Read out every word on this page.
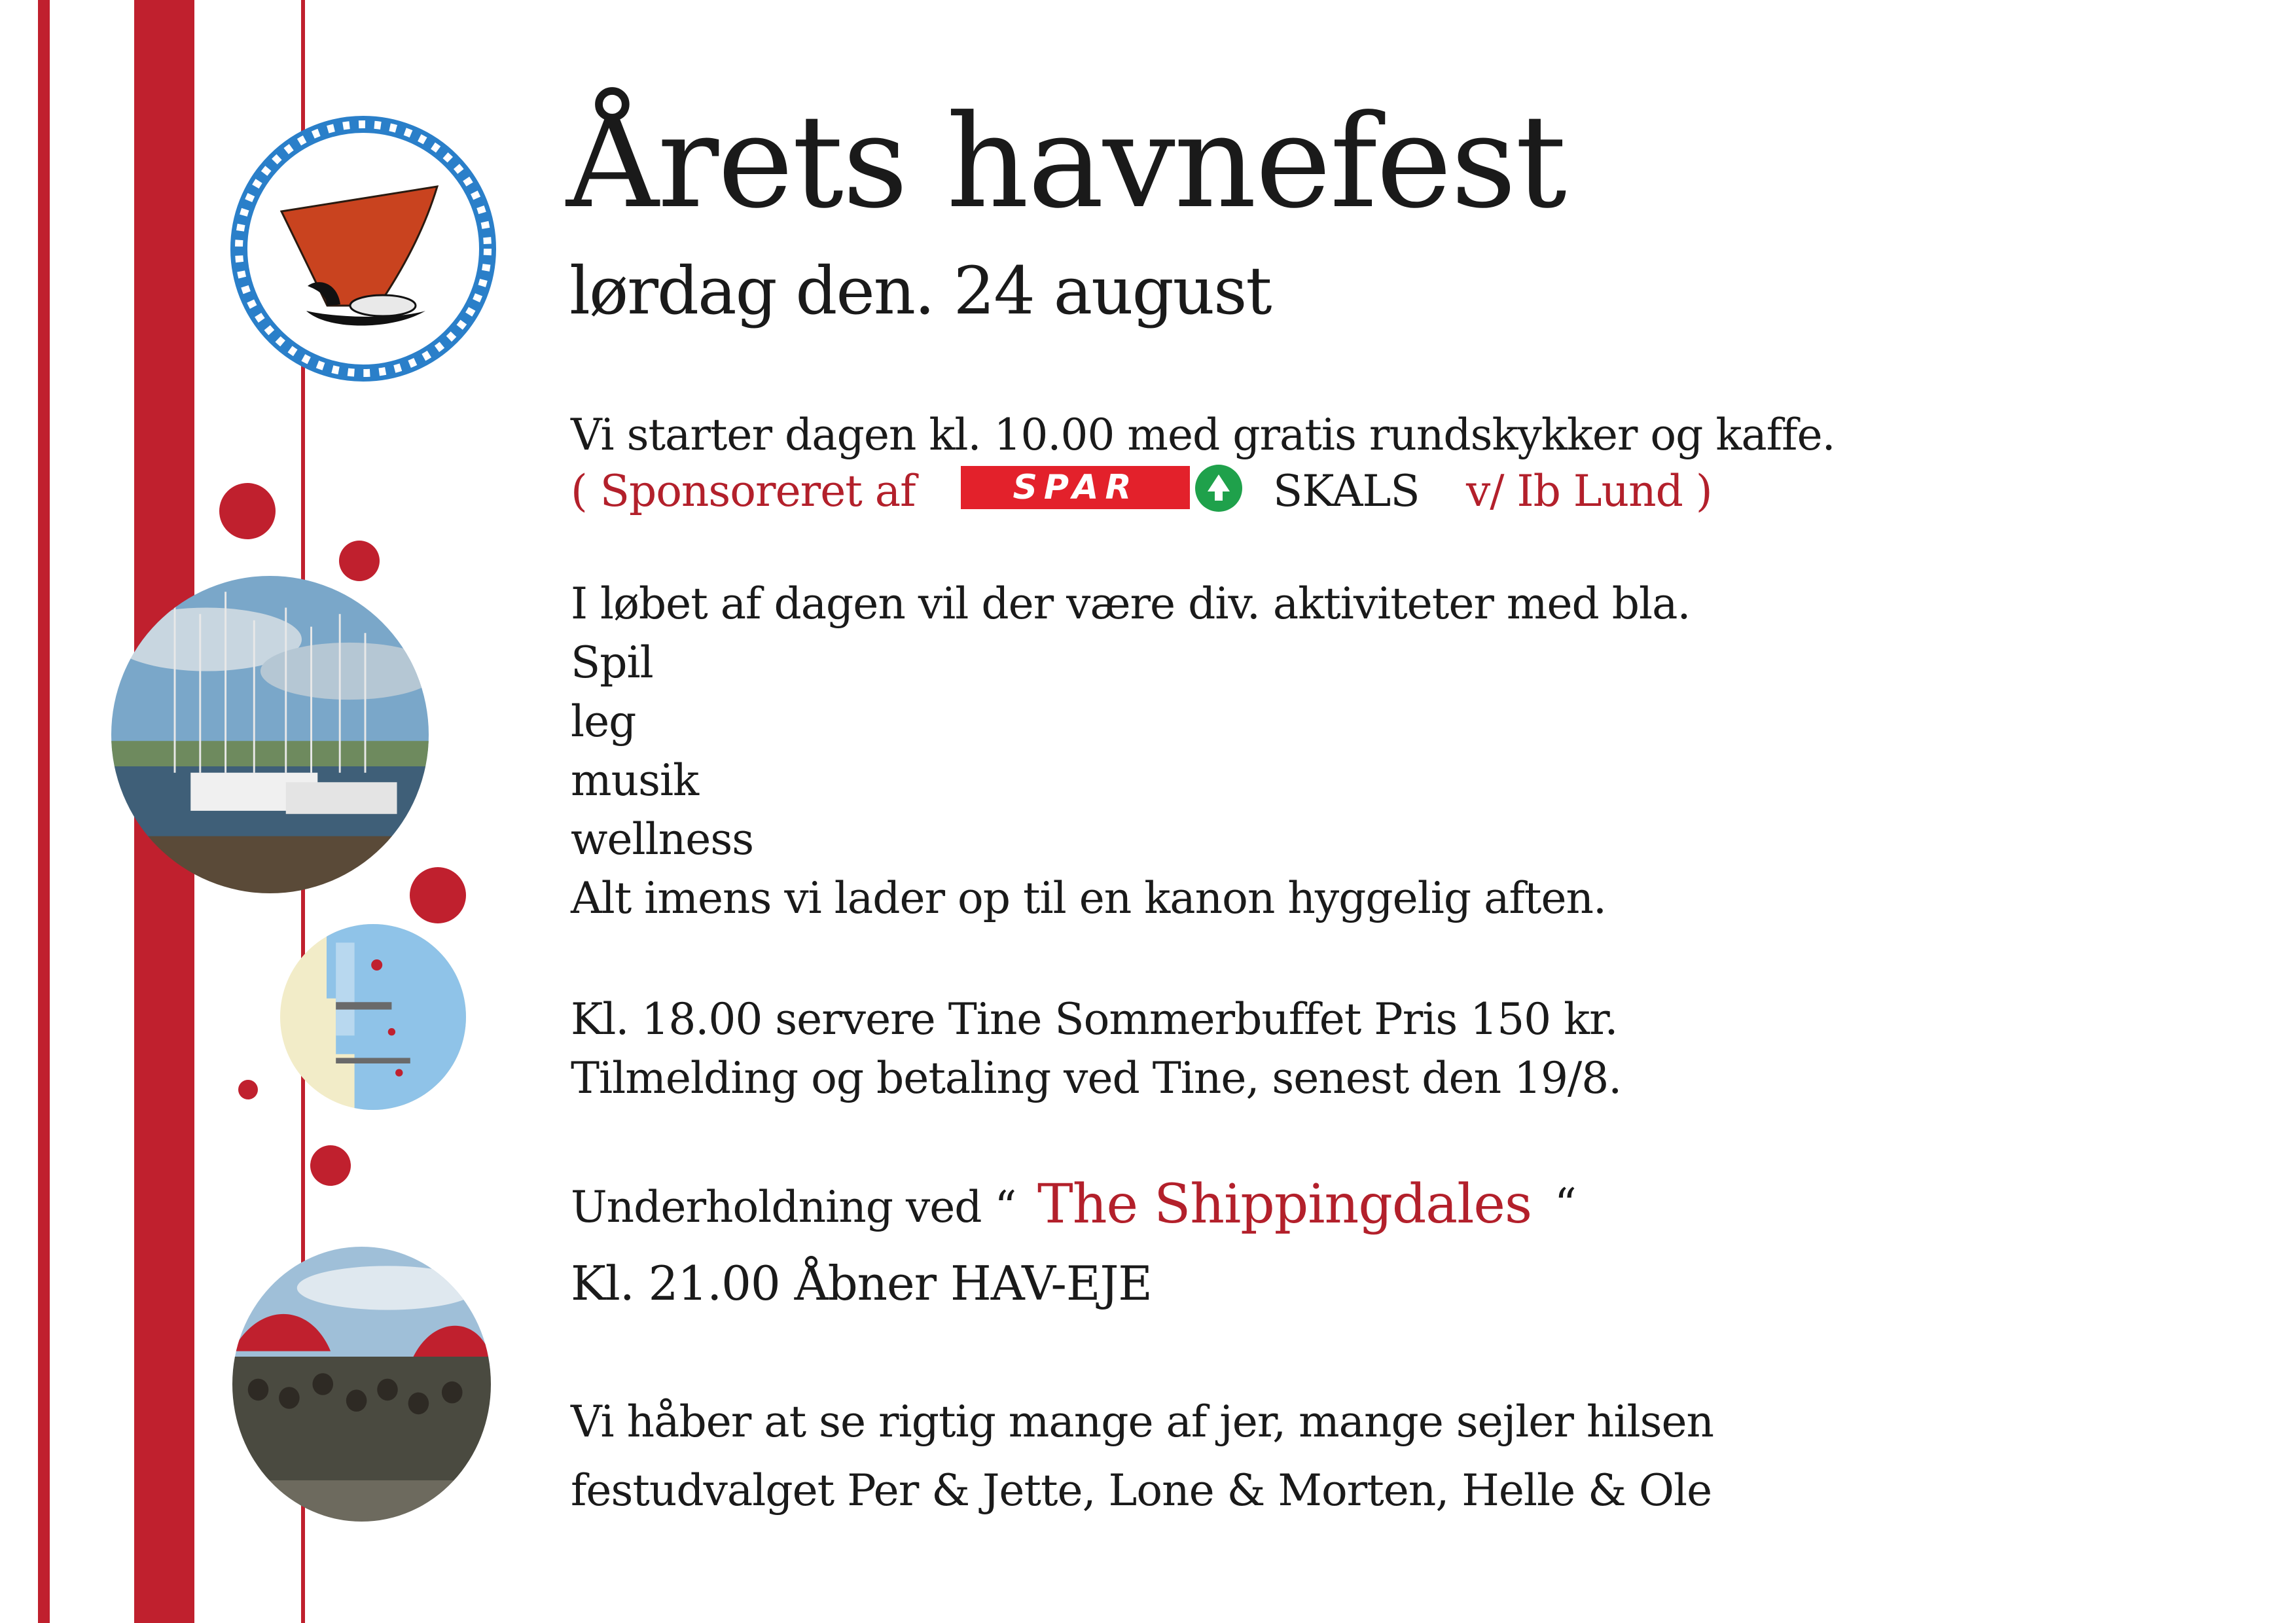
Årets havnefest
lørdag den. 24 august
Vi starter dagen kl. 10.00 med gratis rundskykker og kaffe.
( Sponsoreret af	SPAR	SKALS v/ Ib Lund )
I løbet af dagen vil der være div. aktiviteter med bla.
Spil
leg
musik
wellness
Alt imens vi lader op til en kanon hyggelig aften.
Kl. 18.00 servere Tine Sommerbuffet Pris 150 kr.
Tilmelding og betaling ved Tine, senest den 19/8.
Underholdning ved “ The Shippingdales “
Kl. 21.00 Åbner HAV-EJE
Vi håber at se rigtig mange af jer, mange sejler hilsen
festudvalget Per & Jette, Lone & Morten, Helle & Ole
